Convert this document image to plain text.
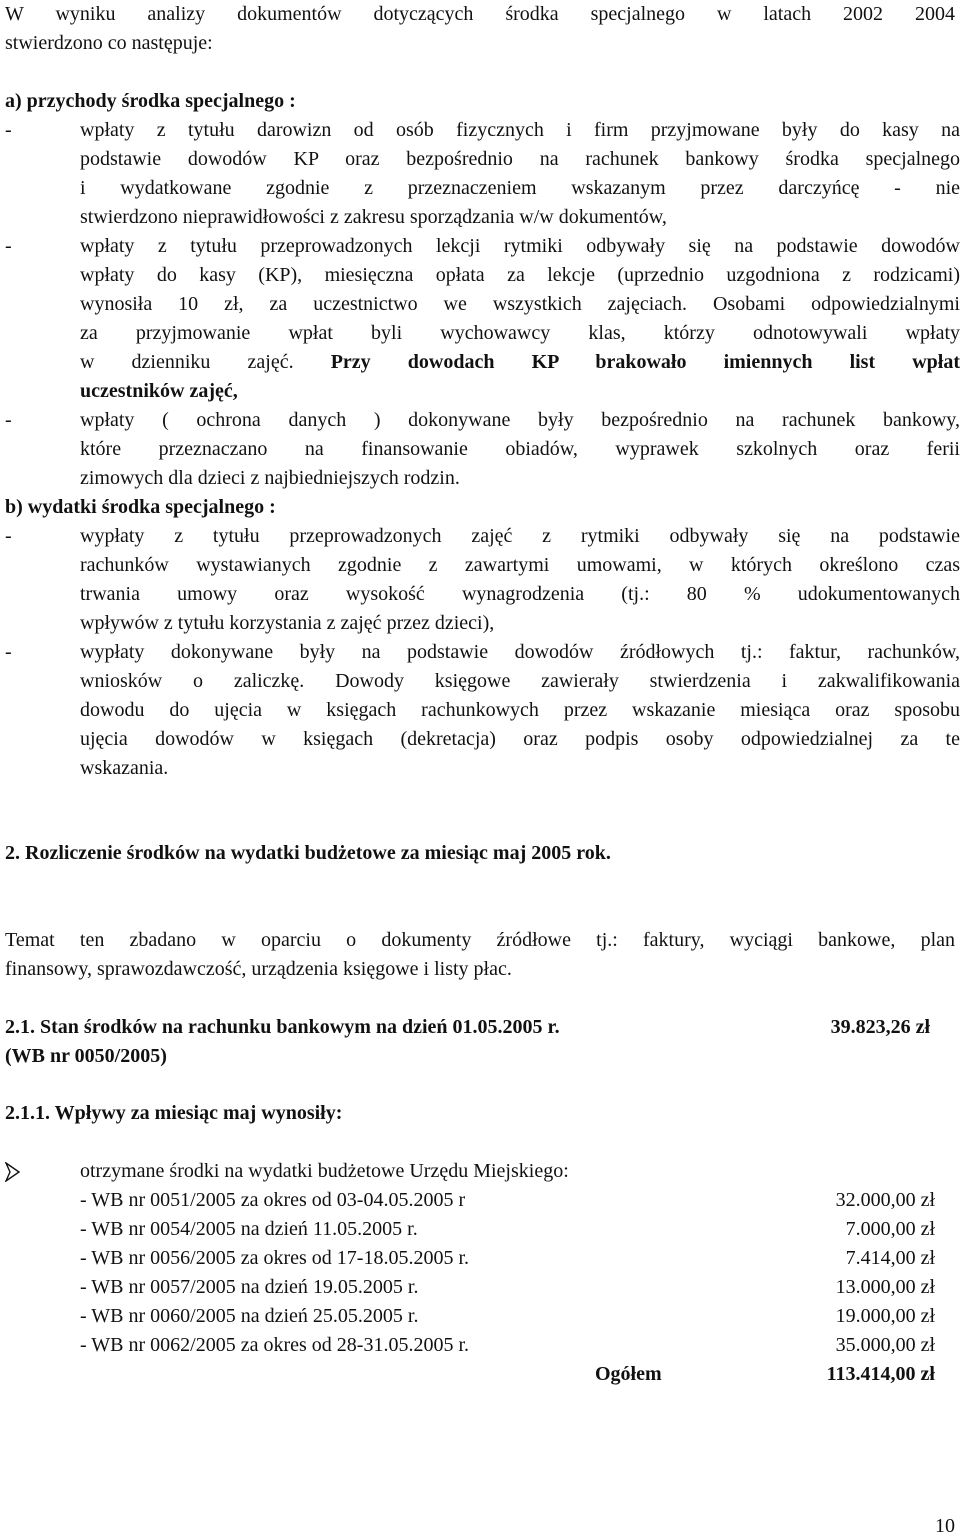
W wyniku analizy dokumentów dotyczących środka specjalnego w latach 2002 2004
stwierdzono co następuje:
a) przychody środka specjalnego :
-	wpłaty z tytułu darowizn od osób fizycznych i firm przyjmowane były do kasy na
podstawie dowodów KP oraz bezpośrednio na rachunek bankowy środka specjalnego
i wydatkowane zgodnie z przeznaczeniem wskazanym przez darczyńcę - nie
stwierdzono nieprawidłowości z zakresu sporządzania w/w dokumentów,
-	wpłaty z tytułu przeprowadzonych lekcji rytmiki odbywały się na podstawie dowodów
wpłaty do kasy (KP), miesięczna opłata za lekcje (uprzednio uzgodniona z rodzicami)
wynosiła 10 zł, za uczestnictwo we wszystkich zajęciach. Osobami odpowiedzialnymi
za przyjmowanie wpłat byli wychowawcy klas, którzy odnotowywali wpłaty
w dzienniku zajęć. Przy dowodach KP brakowało imiennych list wpłat
uczestników zajęć,
-	wpłaty ( ochrona danych ) dokonywane były bezpośrednio na rachunek bankowy,
które przeznaczano na finansowanie obiadów, wyprawek szkolnych oraz ferii
zimowych dla dzieci z najbiedniejszych rodzin.
b) wydatki środka specjalnego :
-	wypłaty z tytułu przeprowadzonych zajęć z rytmiki odbywały się na podstawie
rachunków wystawianych zgodnie z zawartymi umowami, w których określono czas
trwania umowy oraz wysokość wynagrodzenia (tj.: 80 % udokumentowanych
wpływów z tytułu korzystania z zajęć przez dzieci),
-	wypłaty dokonywane były na podstawie dowodów źródłowych tj.: faktur, rachunków,
wniosków o zaliczkę. Dowody księgowe zawierały stwierdzenia i zakwalifikowania
dowodu do ujęcia w księgach rachunkowych przez wskazanie miesiąca oraz sposobu
ujęcia dowodów w księgach (dekretacja) oraz podpis osoby odpowiedzialnej za te
wskazania.
2. Rozliczenie środków na wydatki budżetowe za miesiąc maj 2005 rok.
Temat ten zbadano w oparciu o dokumenty źródłowe tj.: faktury, wyciągi bankowe, plan
finansowy, sprawozdawczość, urządzenia księgowe i listy płac.
2.1. Stan środków na rachunku bankowym na dzień 01.05.2005 r.	39.823,26 zł
(WB nr 0050/2005)
2.1.1. Wpływy za miesiąc maj wynosiły:
otrzymane środki na wydatki budżetowe Urzędu Miejskiego:
- WB nr 0051/2005 za okres od 03-04.05.2005 r	32.000,00 zł
- WB nr 0054/2005 na dzień 11.05.2005 r.	7.000,00 zł
- WB nr 0056/2005 za okres od 17-18.05.2005 r.	7.414,00 zł
- WB nr 0057/2005 na dzień 19.05.2005 r.	13.000,00 zł
- WB nr 0060/2005 na dzień 25.05.2005 r.	19.000,00 zł
- WB nr 0062/2005 za okres od 28-31.05.2005 r.	35.000,00 zł
Ogółem	113.414,00 zł
10
